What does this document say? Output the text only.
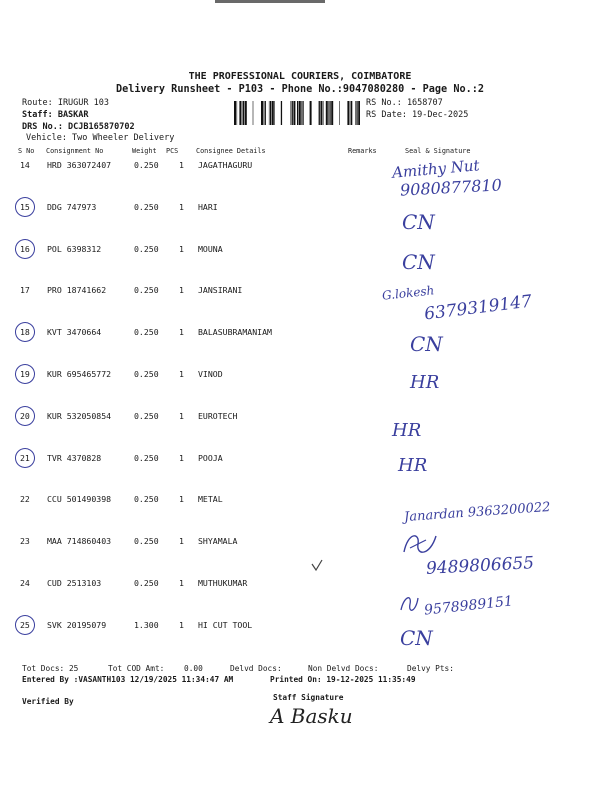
THE PROFESSIONAL COURIERS, COIMBATORE
Delivery Runsheet - P103 - Phone No.:9047080280 - Page No.:2
Route: IRUGUR 103
Staff: BASKAR
DRS No.: DCJB165870702
Vehicle: Two Wheeler Delivery
RS No.: 1658707
RS Date: 19-Dec-2025
S No Consignment No	Weight PCS	Consignee Details	Remarks	Seal & Signature
14 HRD 363072407	0.250 1 JAGATHAGURU
15 DDG 747973	0.250 1 HARI
16 POL 6398312	0.250 1 MOUNA
17 PRO 18741662	0.250 1 JANSIRANI
18 KVT 3470664	0.250 1 BALASUBRAMANIAM
19 KUR 695465772	0.250 1 VINOD
20 KUR 532050854	0.250 1 EUROTECH
21 TVR 4370828	0.250 1 POOJA
22 CCU 501490398	0.250 1 METAL
23 MAA 714860403	0.250 1 SHYAMALA
24 CUD 2513103	0.250 1 MUTHUKUMAR
25 SVK 20195079	1.300 1 HI CUT TOOL
Amithy Nut
9080877810
CN
CN
G.lokesh
6379319147
CN
HR
HR
HR
Janardan 9363200022
9489806655
9578989151
CN
Tot Docs: 25	Tot COD Amt:	0.00	Delvd Docs:	Non Delvd Docs:	Delvy Pts:
Entered By :VASANTH103 12/19/2025 11:34:47 AM	Printed On: 19-12-2025 11:35:49
Verified By	Staff Signature
A Basku
